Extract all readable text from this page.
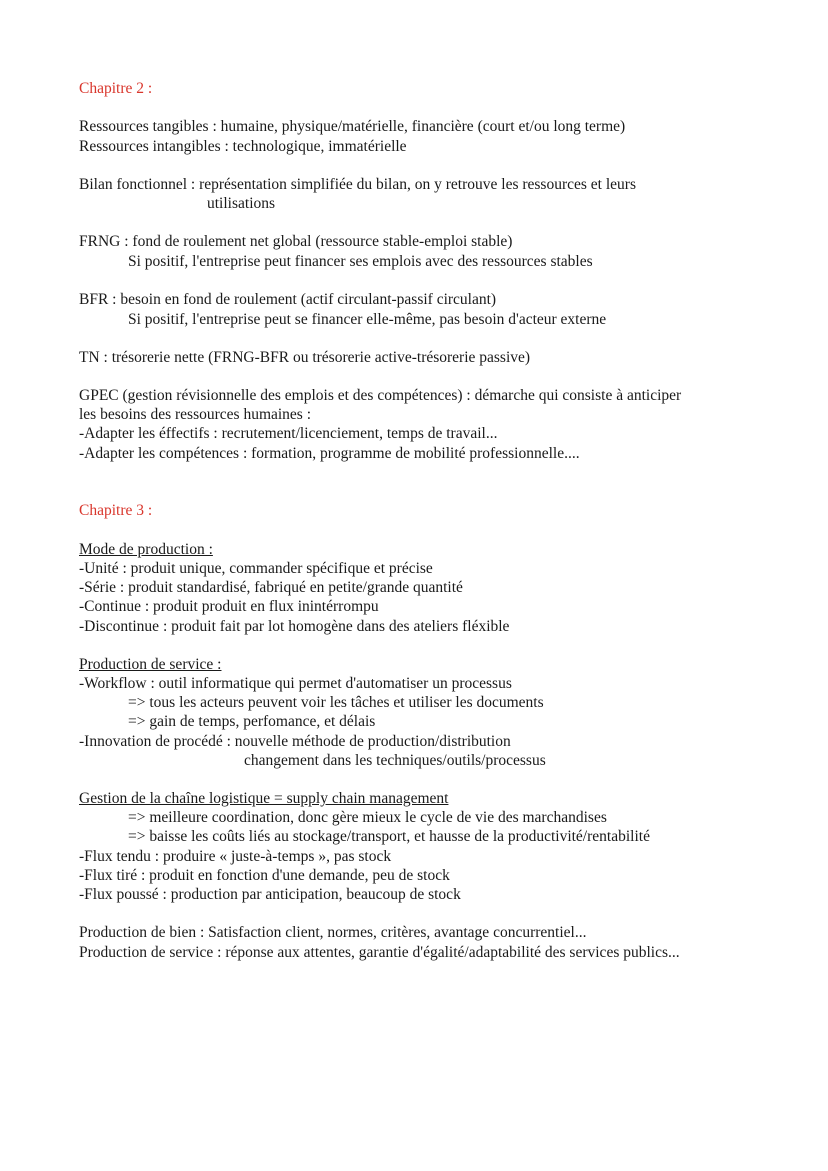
Chapitre 2 :
Ressources tangibles : humaine, physique/matérielle, financière (court et/ou long terme)
Ressources intangibles : technologique, immatérielle
Bilan fonctionnel : représentation simplifiée du bilan, on y retrouve les ressources et leurs
utilisations
FRNG : fond de roulement net global (ressource stable-emploi stable)
Si positif, l'entreprise peut financer ses emplois avec des ressources stables
BFR : besoin en fond de roulement (actif circulant-passif circulant)
Si positif, l'entreprise peut se financer elle-même, pas besoin d'acteur externe
TN : trésorerie nette (FRNG-BFR ou trésorerie active-trésorerie passive)
GPEC (gestion révisionnelle des emplois et des compétences) : démarche qui consiste à anticiper
les besoins des ressources humaines :
-Adapter les éffectifs : recrutement/licenciement, temps de travail...
-Adapter les compétences : formation, programme de mobilité professionnelle....
Chapitre 3 :
Mode de production :
-Unité : produit unique, commander spécifique et précise
-Série : produit standardisé, fabriqué en petite/grande quantité
-Continue : produit produit en flux inintérrompu
-Discontinue : produit fait par lot homogène dans des ateliers fléxible
Production de service :
-Workflow : outil informatique qui permet d'automatiser un processus
=> tous les acteurs peuvent voir les tâches et utiliser les documents
=> gain de temps, perfomance, et délais
-Innovation de procédé : nouvelle méthode de production/distribution
changement dans les techniques/outils/processus
Gestion de la chaîne logistique = supply chain management
=> meilleure coordination, donc gère mieux le cycle de vie des marchandises
=> baisse les coûts liés au stockage/transport, et hausse de la productivité/rentabilité
-Flux tendu : produire « juste-à-temps », pas stock
-Flux tiré : produit en fonction d'une demande, peu de stock
-Flux poussé : production par anticipation, beaucoup de stock
Production de bien : Satisfaction client, normes, critères, avantage concurrentiel...
Production de service : réponse aux attentes, garantie d'égalité/adaptabilité des services publics...
